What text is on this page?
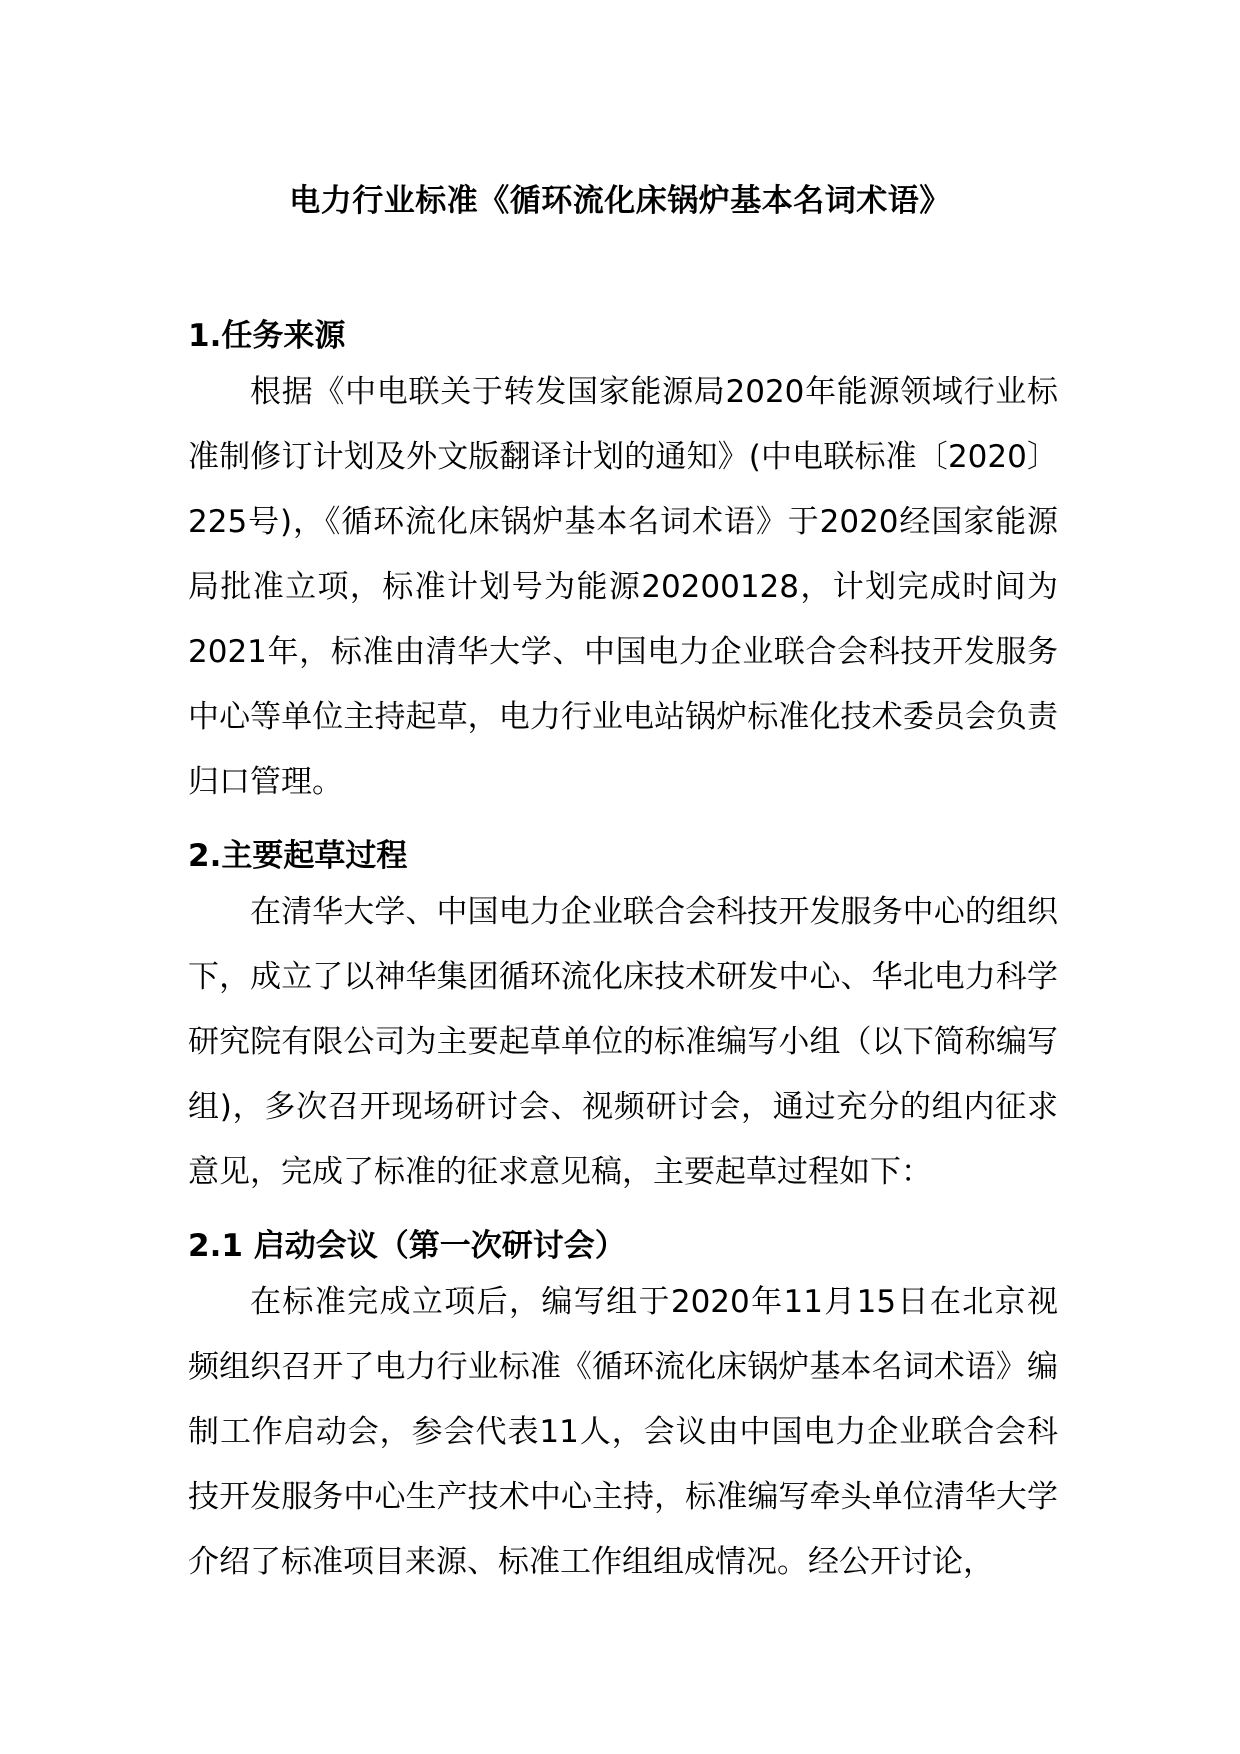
电力行业标准《循环流化床锅炉基本名词术语》
1.任务来源
根据《中电联关于转发国家能源局2020年能源领域行业标准制修订计划及外文版翻译计划的通知》(中电联标准〔2020〕225号)，《循环流化床锅炉基本名词术语》于2020经国家能源局批准立项，标准计划号为能源20200128，计划完成时间为2021年，标准由清华大学、中国电力企业联合会科技开发服务中心等单位主持起草，电力行业电站锅炉标准化技术委员会负责归口管理。
2.主要起草过程
在清华大学、中国电力企业联合会科技开发服务中心的组织下，成立了以神华集团循环流化床技术研发中心、华北电力科学研究院有限公司为主要起草单位的标准编写小组（以下简称编写组)，多次召开现场研讨会、视频研讨会，通过充分的组内征求意见，完成了标准的征求意见稿，主要起草过程如下：
2.1 启动会议（第一次研讨会）
在标准完成立项后，编写组于2020年11月15日在北京视频组织召开了电力行业标准《循环流化床锅炉基本名词术语》编制工作启动会，参会代表11人，会议由中国电力企业联合会科技开发服务中心生产技术中心主持，标准编写牵头单位清华大学介绍了标准项目来源、标准工作组组成情况。经公开讨论，
